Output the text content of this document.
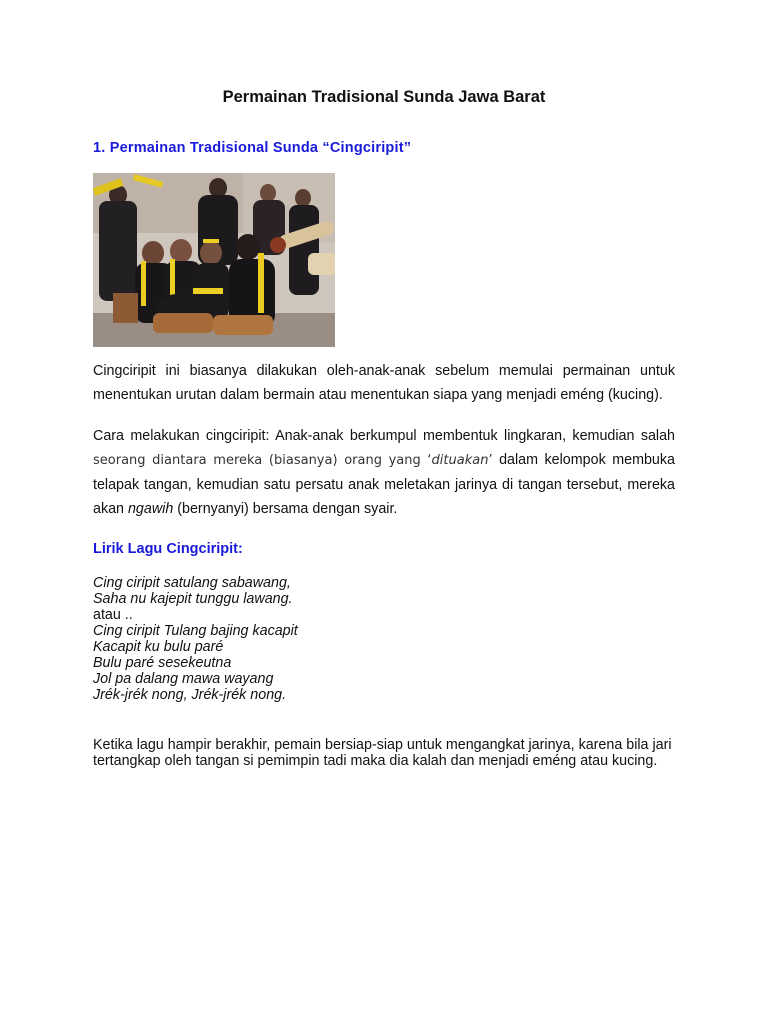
Permainan Tradisional Sunda Jawa Barat
1. Permainan Tradisional Sunda “Cingciripit”
Cingciripit ini biasanya dilakukan oleh-anak-anak sebelum memulai permainan untuk menentukan urutan dalam bermain atau menentukan siapa yang menjadi eméng (kucing).
Cara melakukan cingciripit: Anak-anak berkumpul membentuk lingkaran, kemudian salah seorang diantara mereka (biasanya) orang yang ‘dituakan’ dalam kelompok membuka telapak tangan, kemudian satu persatu anak meletakan jarinya di tangan tersebut, mereka akan ngawih (bernyanyi) bersama dengan syair.
Lirik Lagu Cingciripit:
Cing ciripit satulang sabawang,
Saha nu kajepit tunggu lawang.
atau ..
Cing ciripit Tulang bajing kacapit
Kacapit ku bulu paré
Bulu paré sesekeutna
Jol pa dalang mawa wayang
Jrék-jrék nong, Jrék-jrék nong.
Ketika lagu hampir berakhir, pemain bersiap-siap untuk mengangkat jarinya, karena bila jari tertangkap oleh tangan si pemimpin tadi maka dia kalah dan menjadi eméng atau kucing.
